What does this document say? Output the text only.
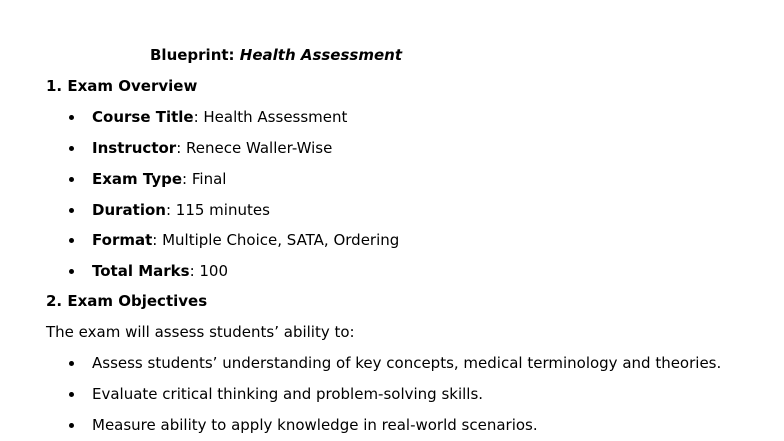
Blueprint: Health Assessment
1. Exam Overview
Course Title: Health Assessment
Instructor: Renece Waller-Wise
Exam Type: Final
Duration: 115 minutes
Format: Multiple Choice, SATA, Ordering
Total Marks: 100
2. Exam Objectives
The exam will assess students’ ability to:
Assess students’ understanding of key concepts, medical terminology and theories.
Evaluate critical thinking and problem-solving skills.
Measure ability to apply knowledge in real-world scenarios.
